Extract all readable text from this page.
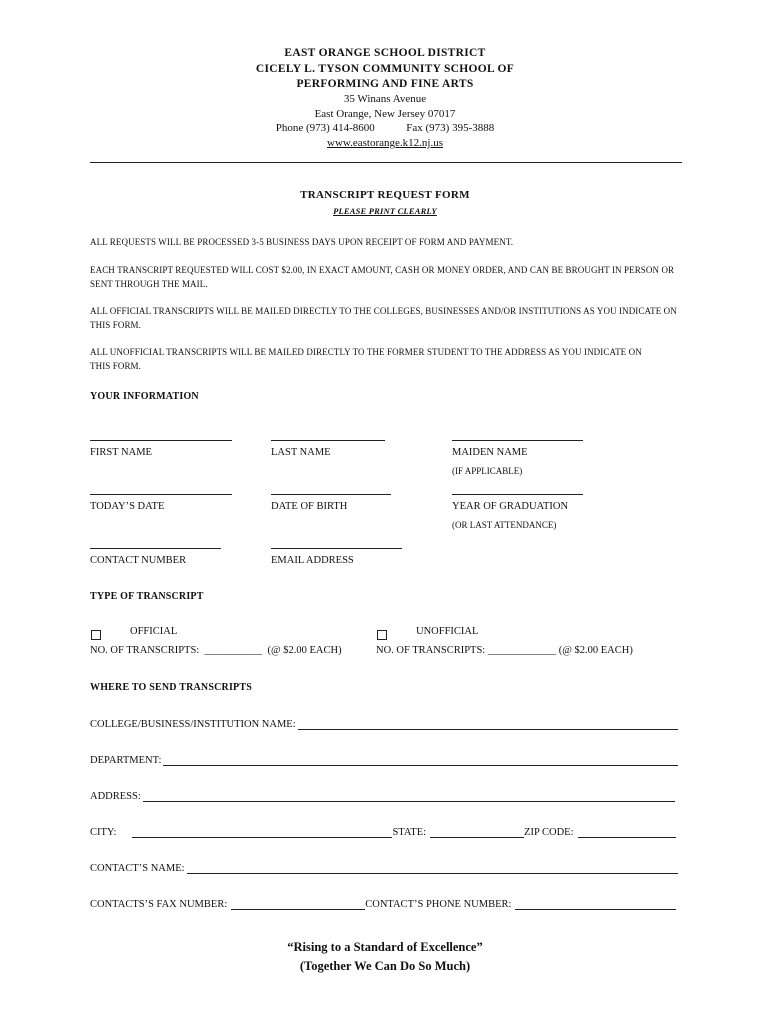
EAST ORANGE SCHOOL DISTRICT
CICELY L. TYSON COMMUNITY SCHOOL OF
PERFORMING AND FINE ARTS
35 Winans Avenue
East Orange, New Jersey 07017
Phone (973) 414-8600	Fax (973) 395-3888
www.eastorange.k12.nj.us
TRANSCRIPT REQUEST FORM
PLEASE PRINT CLEARLY
ALL REQUESTS WILL BE PROCESSED 3-5 BUSINESS DAYS UPON RECEIPT OF FORM AND PAYMENT.
EACH TRANSCRIPT REQUESTED WILL COST $2.00, IN EXACT AMOUNT, CASH OR MONEY ORDER, AND CAN BE BROUGHT IN PERSON OR SENT THROUGH THE MAIL.
ALL OFFICIAL TRANSCRIPTS WILL BE MAILED DIRECTLY TO THE COLLEGES, BUSINESSES AND/OR INSTITUTIONS AS YOU INDICATE ON THIS FORM.
ALL UNOFFICIAL TRANSCRIPTS WILL BE MAILED DIRECTLY TO THE FORMER STUDENT TO THE ADDRESS AS YOU INDICATE ON THIS FORM.
YOUR INFORMATION
FIRST NAME	LAST NAME	MAIDEN NAME
(IF APPLICABLE)
TODAY’S DATE	DATE OF BIRTH	YEAR OF GRADUATION
(OR LAST ATTENDANCE)
CONTACT NUMBER	EMAIL ADDRESS
TYPE OF TRANSCRIPT
OFFICIAL	UNOFFICIAL
NO. OF TRANSCRIPTS:  ___________  (@ $2.00 EACH)	NO. OF TRANSCRIPTS: _____________ (@ $2.00 EACH)
WHERE TO SEND TRANSCRIPTS
COLLEGE/BUSINESS/INSTITUTION NAME:
DEPARTMENT:
ADDRESS:
CITY:	STATE:	ZIP CODE:
CONTACT’S NAME:
CONTACTS’S FAX NUMBER:	CONTACT’S PHONE NUMBER:
“Rising to a Standard of Excellence”
(Together We Can Do So Much)
